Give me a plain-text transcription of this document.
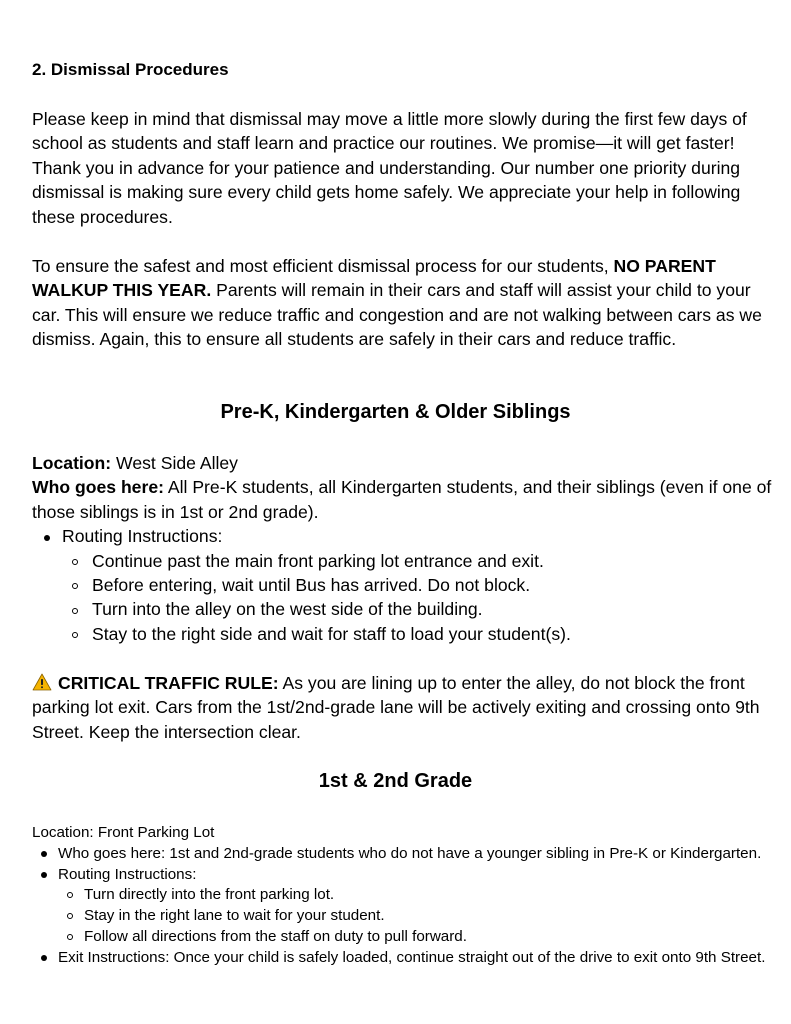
2. Dismissal Procedures

Please keep in mind that dismissal may move a little more slowly during the first few days of school as students and staff learn and practice our routines. We promise—it will get faster! Thank you in advance for your patience and understanding. Our number one priority during dismissal is making sure every child gets home safely. We appreciate your help in following these procedures.

To ensure the safest and most efficient dismissal process for our students, NO PARENT WALKUP THIS YEAR. Parents will remain in their cars and staff will assist your child to your car. This will ensure we reduce traffic and congestion and are not walking between cars as we dismiss. Again, this to ensure all students are safely in their cars and reduce traffic.

Pre-K, Kindergarten & Older Siblings
Location: West Side Alley
Who goes here: All Pre-K students, all Kindergarten students, and their siblings (even if one of those siblings is in 1st or 2nd grade).
Routing Instructions:
Continue past the main front parking lot entrance and exit.
Before entering, wait until Bus has arrived. Do not block.
Turn into the alley on the west side of the building.
Stay to the right side and wait for staff to load your student(s).

CRITICAL TRAFFIC RULE: As you are lining up to enter the alley, do not block the front parking lot exit. Cars from the 1st/2nd-grade lane will be actively exiting and crossing onto 9th Street. Keep the intersection clear.

1st & 2nd Grade
Location: Front Parking Lot
Who goes here: 1st and 2nd-grade students who do not have a younger sibling in Pre-K or Kindergarten.
Routing Instructions:
Turn directly into the front parking lot.
Stay in the right lane to wait for your student.
Follow all directions from the staff on duty to pull forward.
Exit Instructions: Once your child is safely loaded, continue straight out of the drive to exit onto 9th Street.
